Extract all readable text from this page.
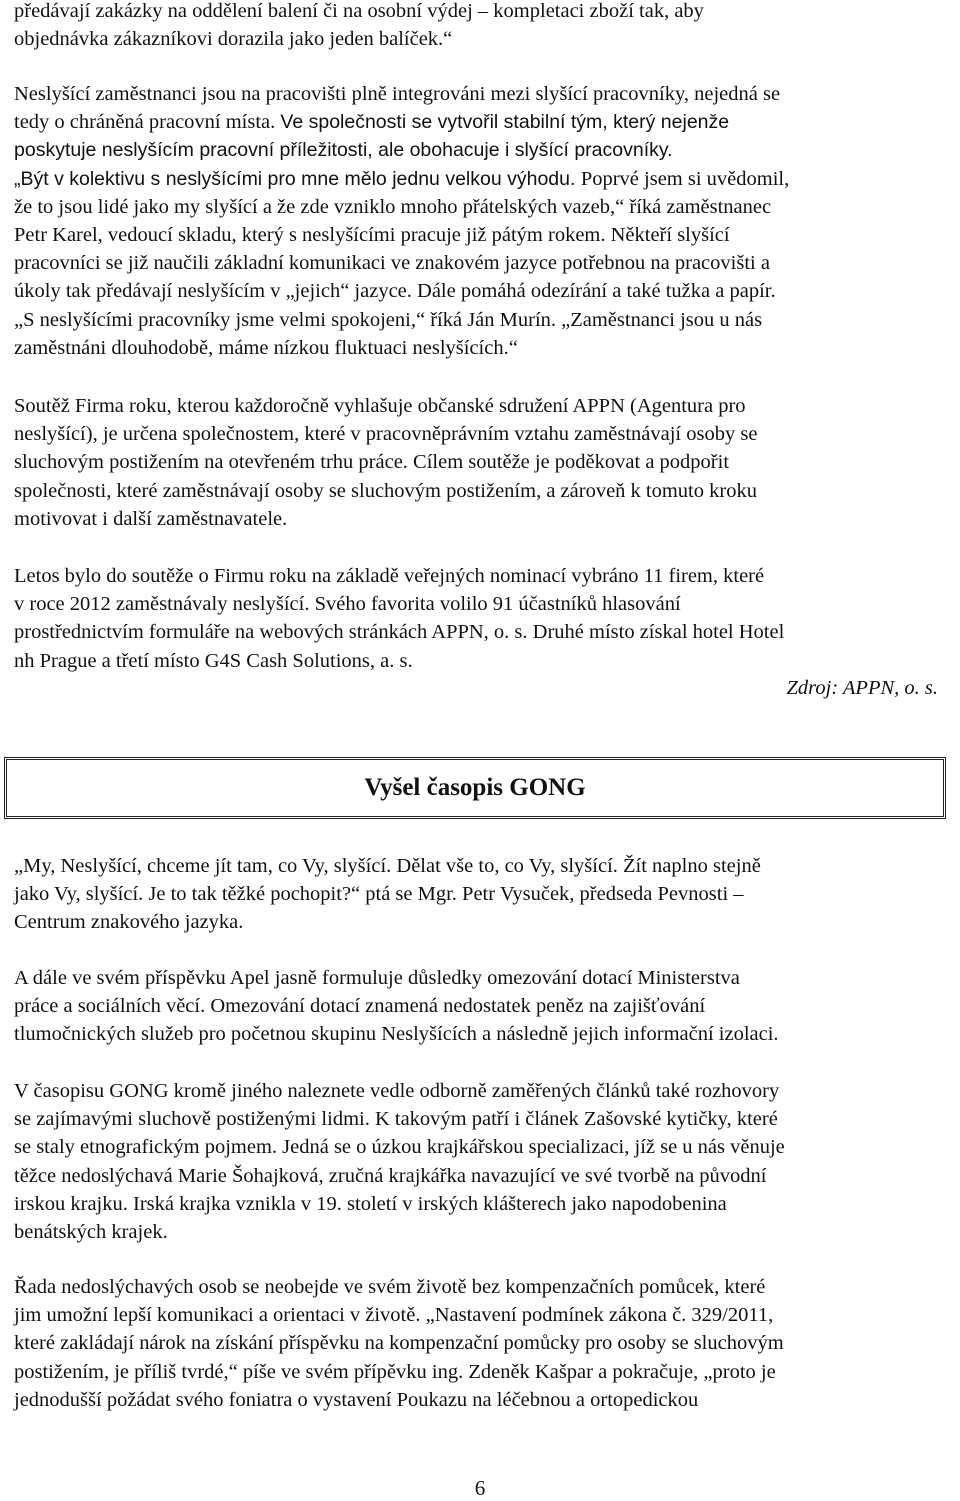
předávají zakázky na oddělení balení či na osobní výdej – kompletaci zboží tak, aby
objednávka zákazníkovi dorazila jako jeden balíček.“

Neslyšící zaměstnanci jsou na pracovišti plně integrováni mezi slyšící pracovníky, nejedná se
tedy o chráněná pracovní místa. Ve společnosti se vytvořil stabilní tým, který nejenže
poskytuje neslyšícím pracovní příležitosti, ale obohacuje i slyšící pracovníky.
„Být v kolektivu s neslyšícími pro mne mělo jednu velkou výhodu. Poprvé jsem si uvědomil,
že to jsou lidé jako my slyšící a že zde vzniklo mnoho přátelských vazeb,“ říká zaměstnanec
Petr Karel, vedoucí skladu, který s neslyšícími pracuje již pátým rokem. Někteří slyšící
pracovníci se již naučili základní komunikaci ve znakovém jazyce potřebnou na pracovišti a
úkoly tak předávají neslyšícím v „jejich“ jazyce. Dále pomáhá odezírání a také tužka a papír.
„S neslyšícími pracovníky jsme velmi spokojeni,“ říká Ján Murín. „Zaměstnanci jsou u nás
zaměstnáni dlouhodobě, máme nízkou fluktuaci neslyšících.“

Soutěž Firma roku, kterou každoročně vyhlašuje občanské sdružení APPN (Agentura pro
neslyšící), je určena společnostem, které v pracovněprávním vztahu zaměstnávají osoby se
sluchovým postižením na otevřeném trhu práce. Cílem soutěže je poděkovat a podpořit
společnosti, které zaměstnávají osoby se sluchovým postižením, a zároveň k tomuto kroku
motivovat i další zaměstnavatele.

Letos bylo do soutěže o Firmu roku na základě veřejných nominací vybráno 11 firem, které
v roce 2012 zaměstnávaly neslyšící. Svého favorita volilo 91 účastníků hlasování
prostřednictvím formuláře na webových stránkách APPN, o. s. Druhé místo získal hotel Hotel
nh Prague a třetí místo G4S Cash Solutions, a. s.

Zdroj: APPN, o. s.

Vyšel časopis GONG

„My, Neslyšící, chceme jít tam, co Vy, slyšící. Dělat vše to, co Vy, slyšící. Žít naplno stejně
jako Vy, slyšící. Je to tak těžké pochopit?“ ptá se Mgr. Petr Vysuček, předseda Pevnosti –
Centrum znakového jazyka.

A dále ve svém příspěvku Apel jasně formuluje důsledky omezování dotací Ministerstva
práce a sociálních věcí. Omezování dotací znamená nedostatek peněz na zajišťování
tlumočnických služeb pro početnou skupinu Neslyšících a následně jejich informační izolaci.

V časopisu GONG kromě jiného naleznete vedle odborně zaměřených článků také rozhovory
se zajímavými sluchově postiženými lidmi. K takovým patří i článek Zašovské kytičky, které
se staly etnografickým pojmem. Jedná se o úzkou krajkářskou specializaci, jíž se u nás věnuje
těžce nedoslýchavá Marie Šohajková, zručná krajkářka navazující ve své tvorbě na původní
irskou krajku. Irská krajka vznikla v 19. století v irských klášterech jako napodobenina
benátských krajek.

Řada nedoslýchavých osob se neobejde ve svém životě bez kompenzačních pomůcek, které
jim umožní lepší komunikaci a orientaci v životě. „Nastavení podmínek zákona č. 329/2011,
které zakládají nárok na získání příspěvku na kompenzační pomůcky pro osoby se sluchovým
postižením, je příliš tvrdé,“ píše ve svém přípěvku ing. Zdeněk Kašpar a pokračuje, „proto je
jednodušší požádat svého foniatra o vystavení Poukazu na léčebnou a ortopedickou

6
